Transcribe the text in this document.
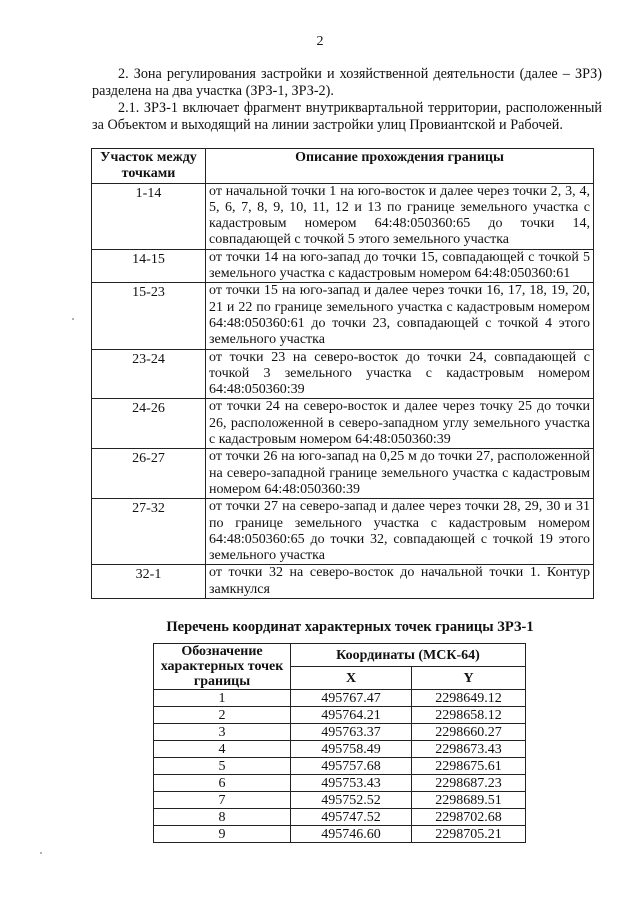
2

2. Зона регулирования застройки и хозяйственной деятельности (далее – ЗРЗ) разделена на два участка (ЗРЗ-1, ЗРЗ-2).

2.1. ЗРЗ-1 включает фрагмент внутриквартальной территории, расположенный за Объектом и выходящий на линии застройки улиц Провиантской и Рабочей.

Участок между точками	Описание прохождения границы
1-14	от начальной точки 1 на юго-восток и далее через точки 2, 3, 4, 5, 6, 7, 8, 9, 10, 11, 12 и 13 по границе земельного участка с кадастровым номером 64:48:050360:65 до точки 14, совпадающей с точкой 5 этого земельного участка
14-15	от точки 14 на юго-запад до точки 15, совпадающей с точкой 5 земельного участка с кадастровым номером 64:48:050360:61
15-23	от точки 15 на юго-запад и далее через точки 16, 17, 18, 19, 20, 21 и 22 по границе земельного участка с кадастровым номером 64:48:050360:61 до точки 23, совпадающей с точкой 4 этого земельного участка
23-24	от точки 23 на северо-восток до точки 24, совпадающей с точкой 3 земельного участка с кадастровым номером 64:48:050360:39
24-26	от точки 24 на северо-восток и далее через точку 25 до точки 26, расположенной в северо-западном углу земельного участка с кадастровым номером 64:48:050360:39
26-27	от точки 26 на юго-запад на 0,25 м до точки 27, расположенной на северо-западной границе земельного участка с кадастровым номером 64:48:050360:39
27-32	от точки 27 на северо-запад и далее через точки 28, 29, 30 и 31 по границе земельного участка с кадастровым номером 64:48:050360:65 до точки 32, совпадающей с точкой 19 этого земельного участка
32-1	от точки 32 на северо-восток до начальной точки 1. Контур замкнулся
Перечень координат характерных точек границы ЗРЗ-1
Обозначение характерных точек границы	Координаты (МСК-64)	
	X	Y
1	495767.47	2298649.12
2	495764.21	2298658.12
3	495763.37	2298660.27
4	495758.49	2298673.43
5	495757.68	2298675.61
6	495753.43	2298687.23
7	495752.52	2298689.51
8	495747.52	2298702.68
9	495746.60	2298705.21
